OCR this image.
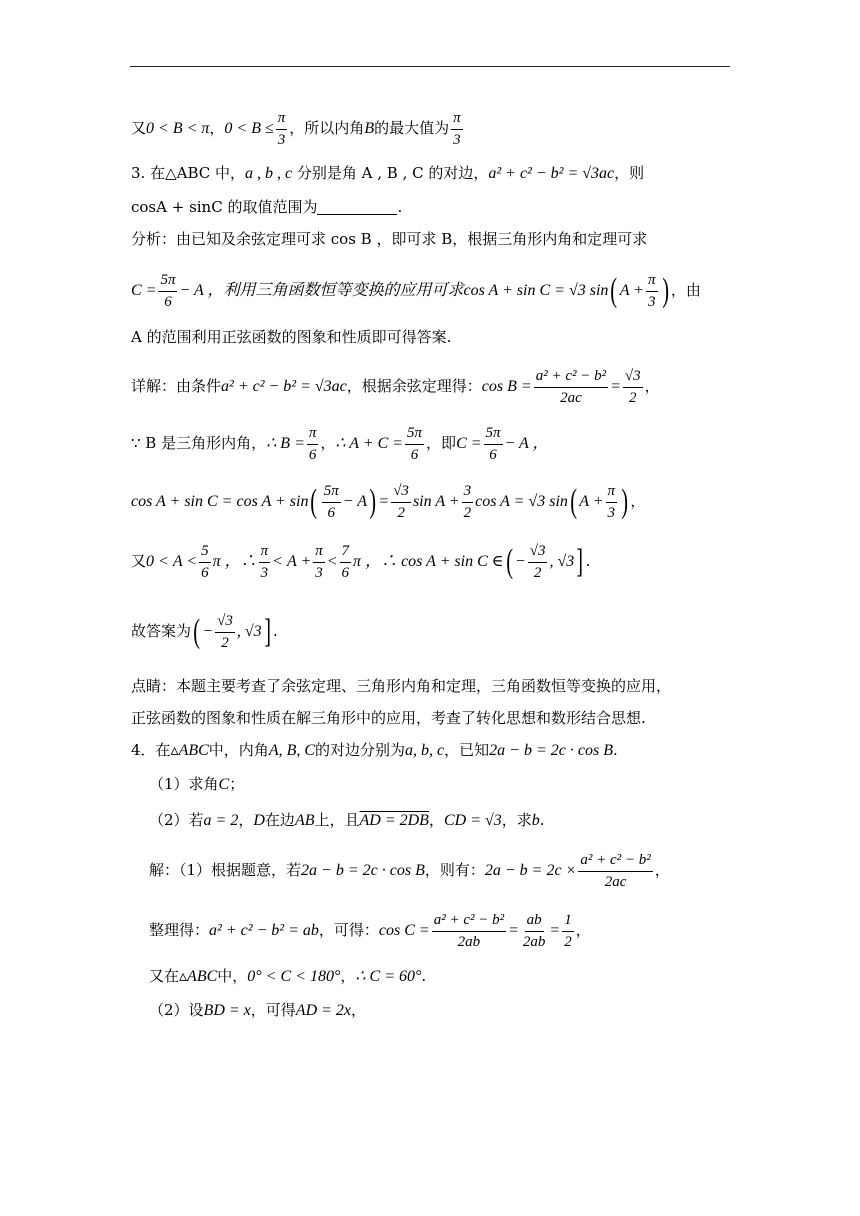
又0 < B < π，$0 < B \le \frac{\pi}{3}$ ，所以内角B的最大值为 $\frac{\pi}{3}$
3. 在△ABC 中，a , b , c 分别是角 A , B , C 的对边，a² + c² − b² = √3ac，则
cosA + sinC 的取值范围为	.
分析：由已知及余弦定理可求 cos B ，即可求 B，根据三角形内角和定理可求
$C = \frac{5\pi}{6} - A$ ，利用三角函数恒等变换的应用可求cos A + sin C = √3 sin( $A + \frac{\pi}{3}$ ) ，由
A 的范围利用正弦函数的图象和性质即可得答案.
详解：由条件a² + c² − b² = √3ac，根据余弦定理得：$\cos B = \frac{\text{a² + c² − b²}}{2ac} = \frac{√3}{2}$ ，
∵ B 是三角形内角，∴ $B = \frac{\pi}{6}$ ，∴ $A + C = \frac{5\pi}{6}$ ，即$C = \frac{5\pi}{6} - A$ ，
$\cos A + \sin C = \cos A + \sin( \frac{5\pi}{6} - A) = \frac{√3}{2}$ $\sin A + \frac{3}{2}$ cos A = √3 sin( $A + \frac{\pi}{3}$ ) ，
又$0 < A < \frac{5}{6}$ π ，∴ $\frac{\pi}{3} < A + \frac{\pi}{3} < \frac{7}{6}$ π ，∴ cos A + sin C ∈( − $\frac{√3}{2}$ , √3] .
故答案为( − $\frac{√3}{2}$ , √3] .
点睛：本题主要考查了余弦定理、三角形内角和定理，三角函数恒等变换的应用，
正弦函数的图象和性质在解三角形中的应用，考查了转化思想和数形结合思想.
4．在▵ABC中，内角A, B, C的对边分别为a, b, c，已知2a − b = 2c · cos B.
（1）求角C；
（2）若a = 2，D在边AB上，且AD = 2DB，CD = √3，求b.
解：（1）根据题意，若2a − b = 2c · cos B，则有：$2a - b = 2c \times \frac{\text{a² + c² − b²}}{2ac}$ ，
整理得：a² + c² − b² = ab，可得：$\cos C = \frac{\text{a² + c² − b²}}{2ab} = \frac{ab}{2ab} = \frac{1}{2}$ ，
又在▵ABC中，0° < C < 180°，∴ C = 60°.
（2）设BD = x，可得AD = 2x，
